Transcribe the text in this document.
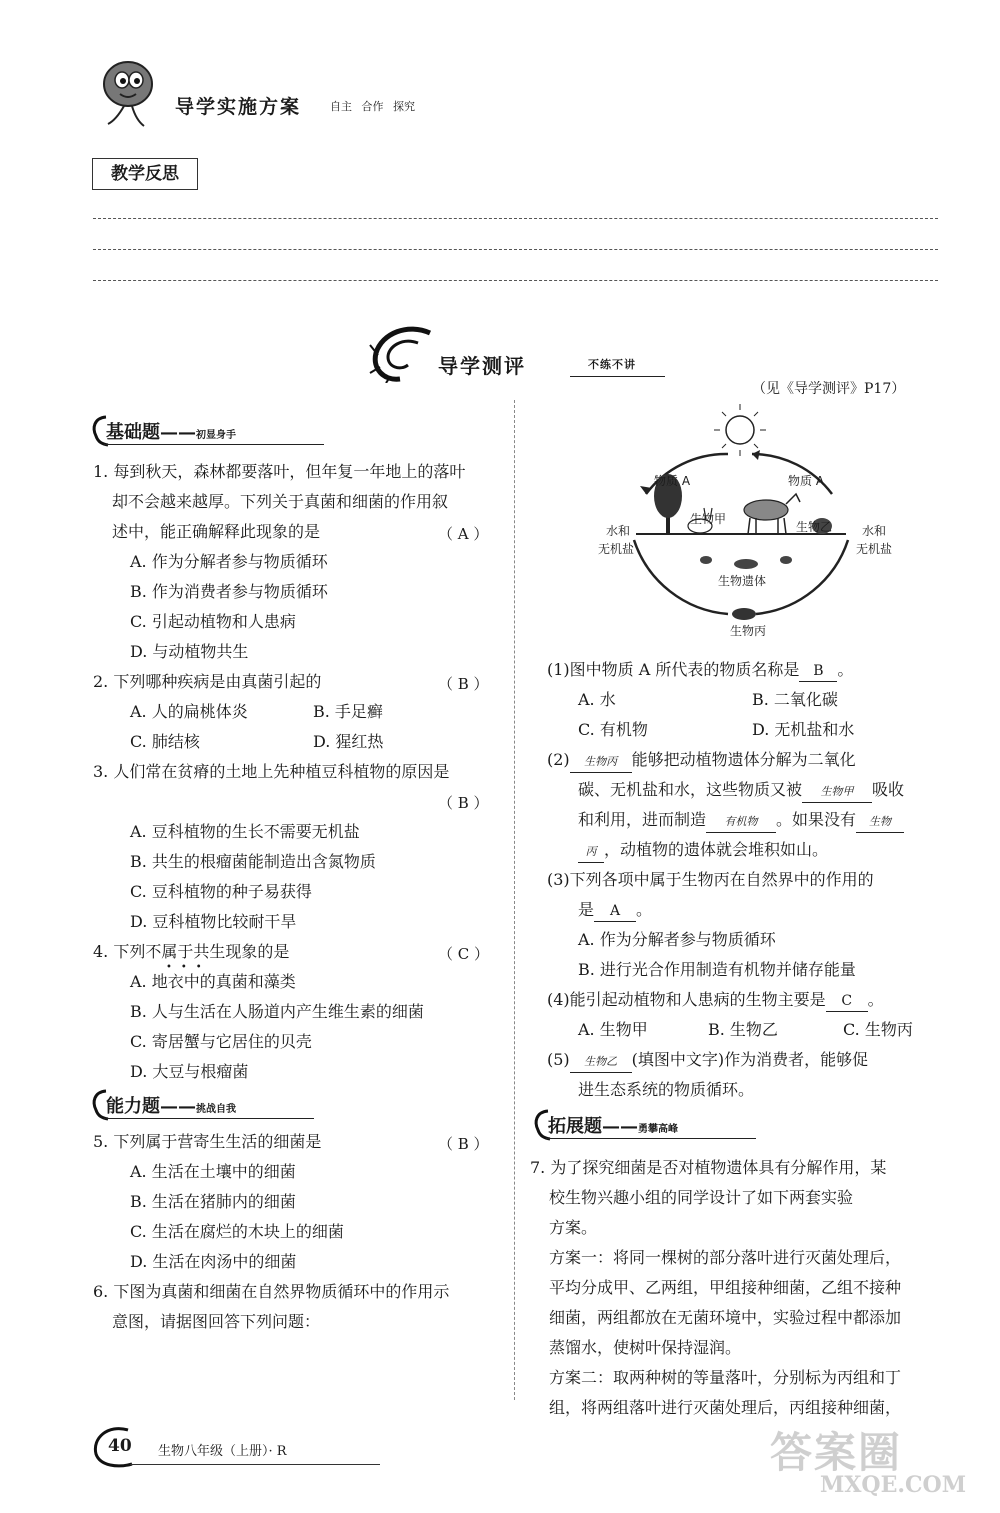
导学实施方案	自主 合作 探究
教学反思
导学测评	不练不讲
（见《导学测评》P17）
基础题——初显身手
1. 每到秋天，森林都要落叶，但年复一年地上的落叶
却不会越来越厚。下列关于真菌和细菌的作用叙
述中，能正确解释此现象的是	（ A ）
A. 作为分解者参与物质循环
B. 作为消费者参与物质循环
C. 引起动植物和人患病
D. 与动植物共生
2. 下列哪种疾病是由真菌引起的	（ B ）
A. 人的扁桃体炎	B. 手足癣
C. 肺结核	D. 猩红热
3. 人们常在贫瘠的土地上先种植豆科植物的原因是
（ B ）
A. 豆科植物的生长不需要无机盐
B. 共生的根瘤菌能制造出含氮物质
C. 豆科植物的种子易获得
D. 豆科植物比较耐干旱
4. 下列不属于共生现象的是
•••
（ C ）
A. 地衣中的真菌和藻类
B. 人与生活在人肠道内产生维生素的细菌
C. 寄居蟹与它居住的贝壳
D. 大豆与根瘤菌
能力题——挑战自我
5. 下列属于营寄生生活的细菌是	（ B ）
A. 生活在土壤中的细菌
B. 生活在猪肺内的细菌
C. 生活在腐烂的木块上的细菌
D. 生活在肉汤中的细菌
6. 下图为真菌和细菌在自然界物质循环中的作用示
意图，请据图回答下列问题：
物质 A	物质 A
生物甲
生物乙
水和
无机盐
水和
无机盐
生物遗体
生物丙
(1)图中物质 A 所代表的物质名称是 B 。
A. 水	B. 二氧化碳
C. 有机物	D. 无机盐和水
(2) 生物丙 能够把动植物遗体分解为二氧化
碳、无机盐和水，这些物质又被 生物甲 吸收
和利用，进而制造 有机物 。如果没有 生物
丙 ，动植物的遗体就会堆积如山。
(3)下列各项中属于生物丙在自然界中的作用的
是 A 。
A. 作为分解者参与物质循环
B. 进行光合作用制造有机物并储存能量
(4)能引起动植物和人患病的生物主要是 C 。
A. 生物甲	B. 生物乙	C. 生物丙
(5) 生物乙 (填图中文字)作为消费者，能够促
进生态系统的物质循环。
拓展题——勇攀高峰
7. 为了探究细菌是否对植物遗体具有分解作用，某
校生物兴趣小组的同学设计了如下两套实验
方案。
方案一：将同一棵树的部分落叶进行灭菌处理后，
平均分成甲、乙两组，甲组接种细菌，乙组不接种
细菌，两组都放在无菌环境中，实验过程中都添加
蒸馏水，使树叶保持湿润。
方案二：取两种树的等量落叶，分别标为丙组和丁
组，将两组落叶进行灭菌处理后，丙组接种细菌，
40 生物八年级（上册）· R	答案圈
MXQE.COM
